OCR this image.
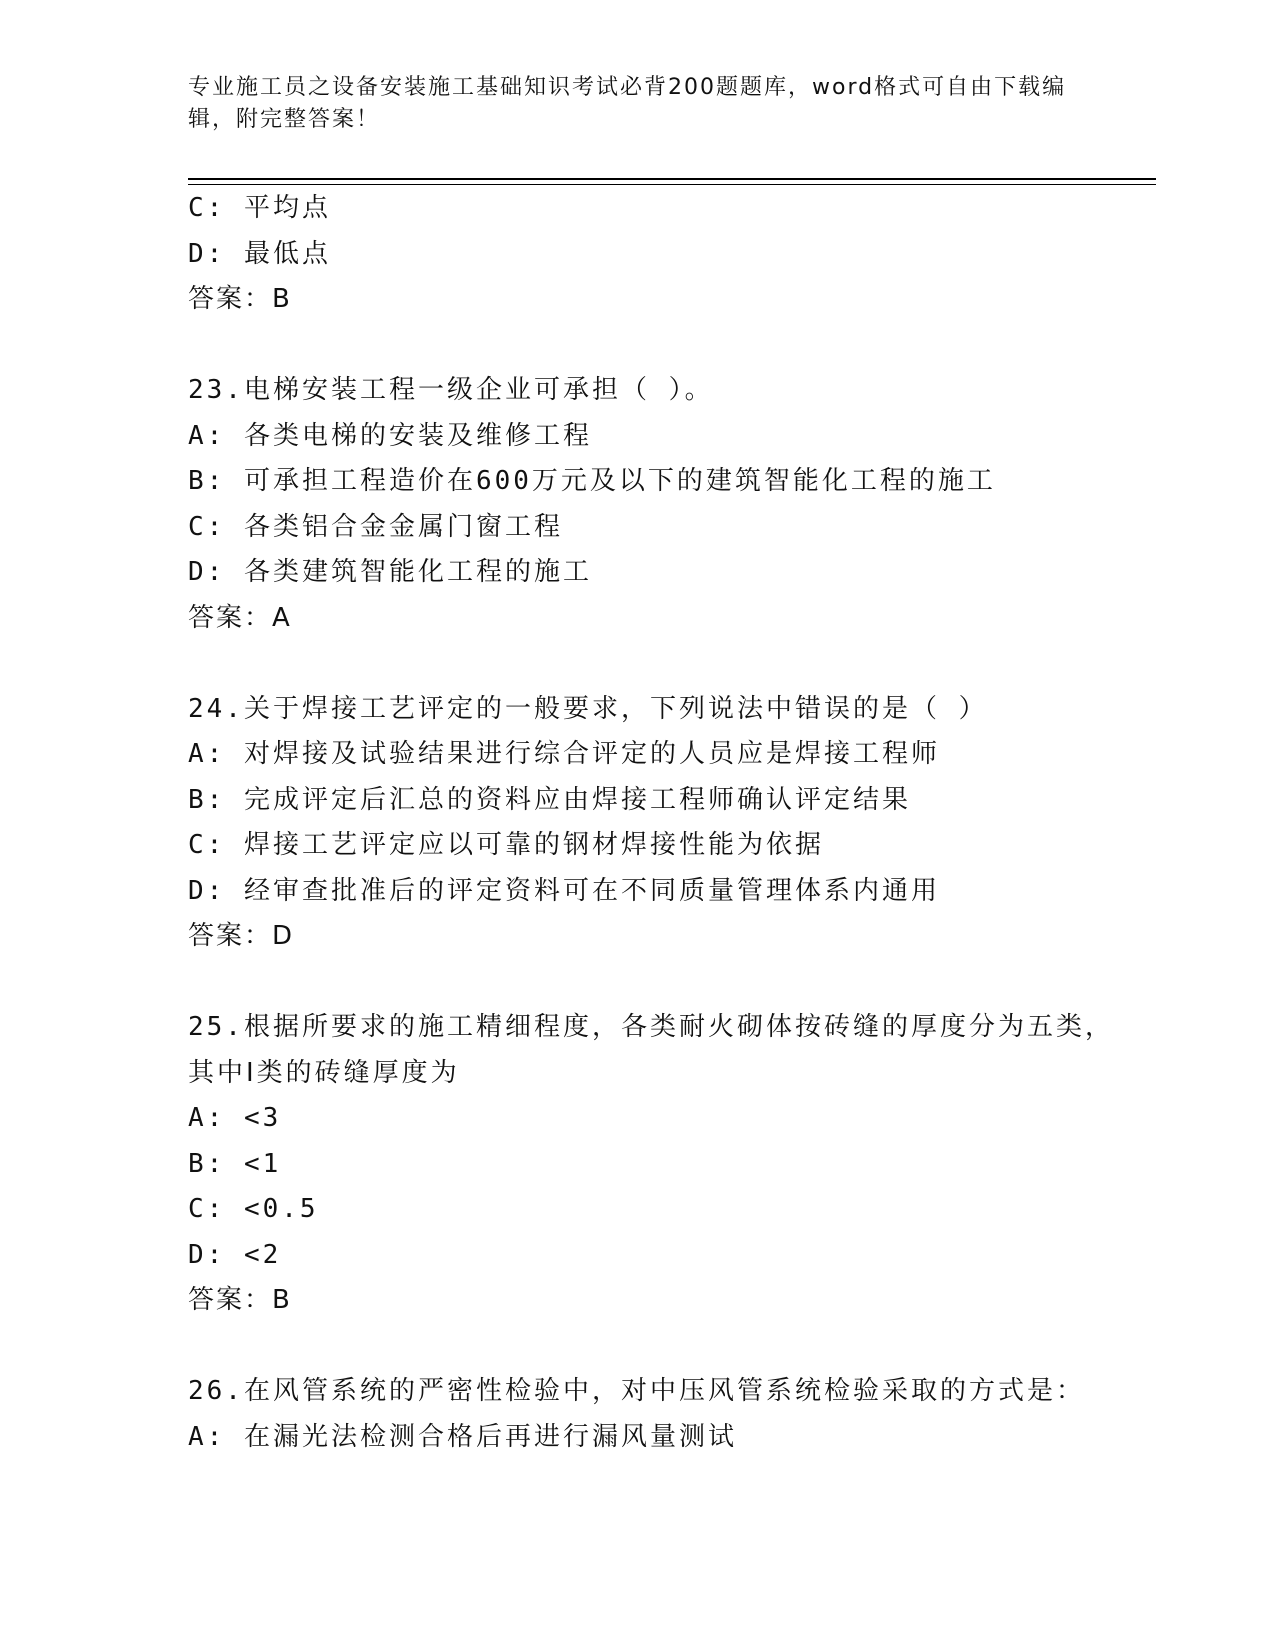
专业施工员之设备安装施工基础知识考试必背200题题库，word格式可自由下载编辑，附完整答案！
C: 平均点
D: 最低点
答案：B
23.电梯安装工程一级企业可承担（ ）。
A: 各类电梯的安装及维修工程
B: 可承担工程造价在600万元及以下的建筑智能化工程的施工
C: 各类铝合金金属门窗工程
D: 各类建筑智能化工程的施工
答案：A
24.关于焊接工艺评定的一般要求，下列说法中错误的是（ ）
A: 对焊接及试验结果进行综合评定的人员应是焊接工程师
B: 完成评定后汇总的资料应由焊接工程师确认评定结果
C: 焊接工艺评定应以可靠的钢材焊接性能为依据
D: 经审查批准后的评定资料可在不同质量管理体系内通用
答案：D
25.根据所要求的施工精细程度，各类耐火砌体按砖缝的厚度分为五类，其中Ⅰ类的砖缝厚度为
A: <3
B: <1
C: <0.5
D: <2
答案：B
26.在风管系统的严密性检验中，对中压风管系统检验采取的方式是：
A: 在漏光法检测合格后再进行漏风量测试
